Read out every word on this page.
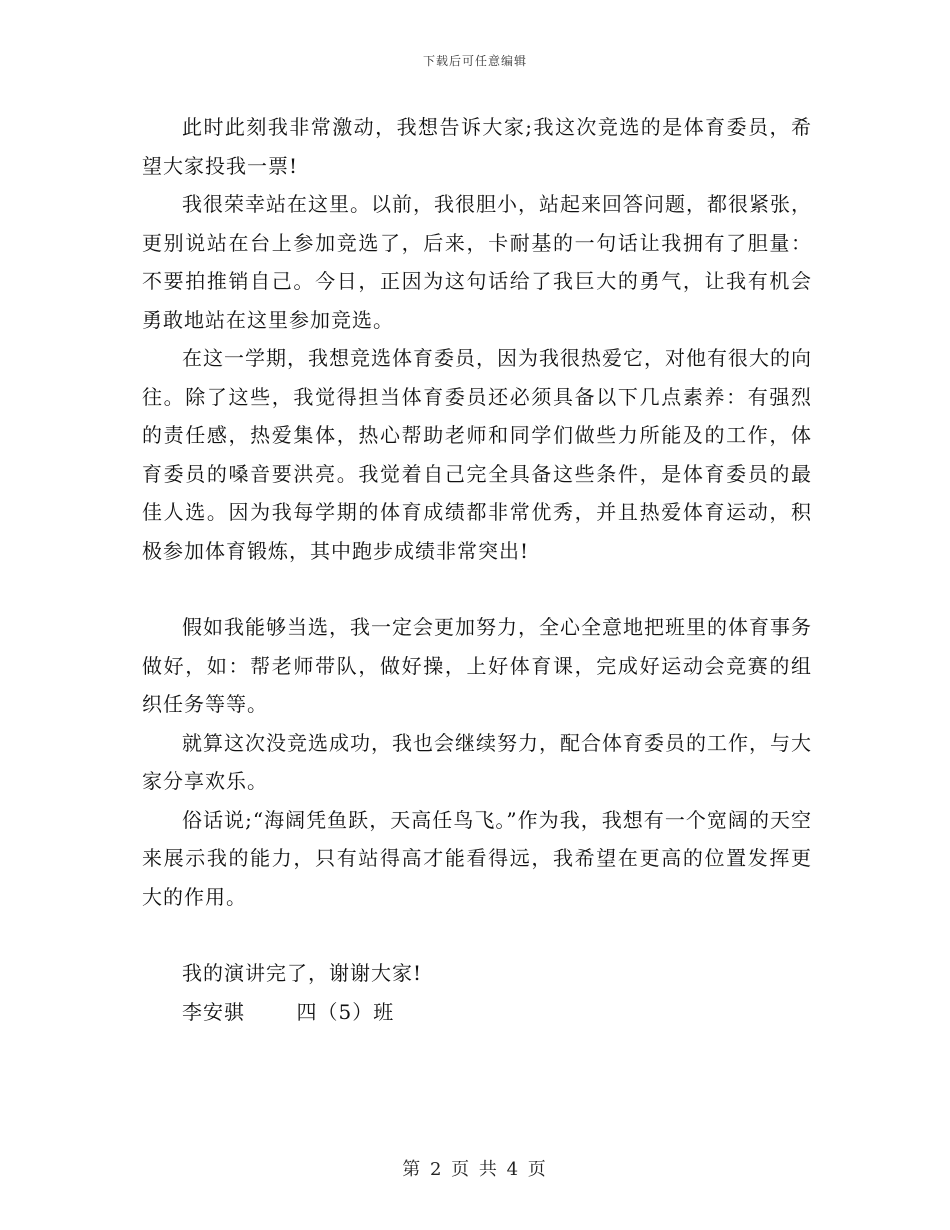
下载后可任意编辑

此时此刻我非常激动，我想告诉大家;我这次竞选的是体育委员，希望大家投我一票!

我很荣幸站在这里。以前，我很胆小，站起来回答问题，都很紧张，更别说站在台上参加竞选了，后来，卡耐基的一句话让我拥有了胆量：不要拍推销自己。今日，正因为这句话给了我巨大的勇气，让我有机会勇敢地站在这里参加竞选。

在这一学期，我想竞选体育委员，因为我很热爱它，对他有很大的向往。除了这些，我觉得担当体育委员还必须具备以下几点素养：有强烈的责任感，热爱集体，热心帮助老师和同学们做些力所能及的工作，体育委员的嗓音要洪亮。我觉着自己完全具备这些条件，是体育委员的最佳人选。因为我每学期的体育成绩都非常优秀，并且热爱体育运动，积极参加体育锻炼，其中跑步成绩非常突出!

假如我能够当选，我一定会更加努力，全心全意地把班里的体育事务做好，如：帮老师带队，做好操，上好体育课，完成好运动会竞赛的组织任务等等。

就算这次没竞选成功，我也会继续努力，配合体育委员的工作，与大家分享欢乐。

俗话说;“海阔凭鱼跃，天高任鸟飞。”作为我，我想有一个宽阔的天空来展示我的能力，只有站得高才能看得远，我希望在更高的位置发挥更大的作用。

我的演讲完了，谢谢大家!

李安骐	四（5）班

第 2 页 共 4 页
